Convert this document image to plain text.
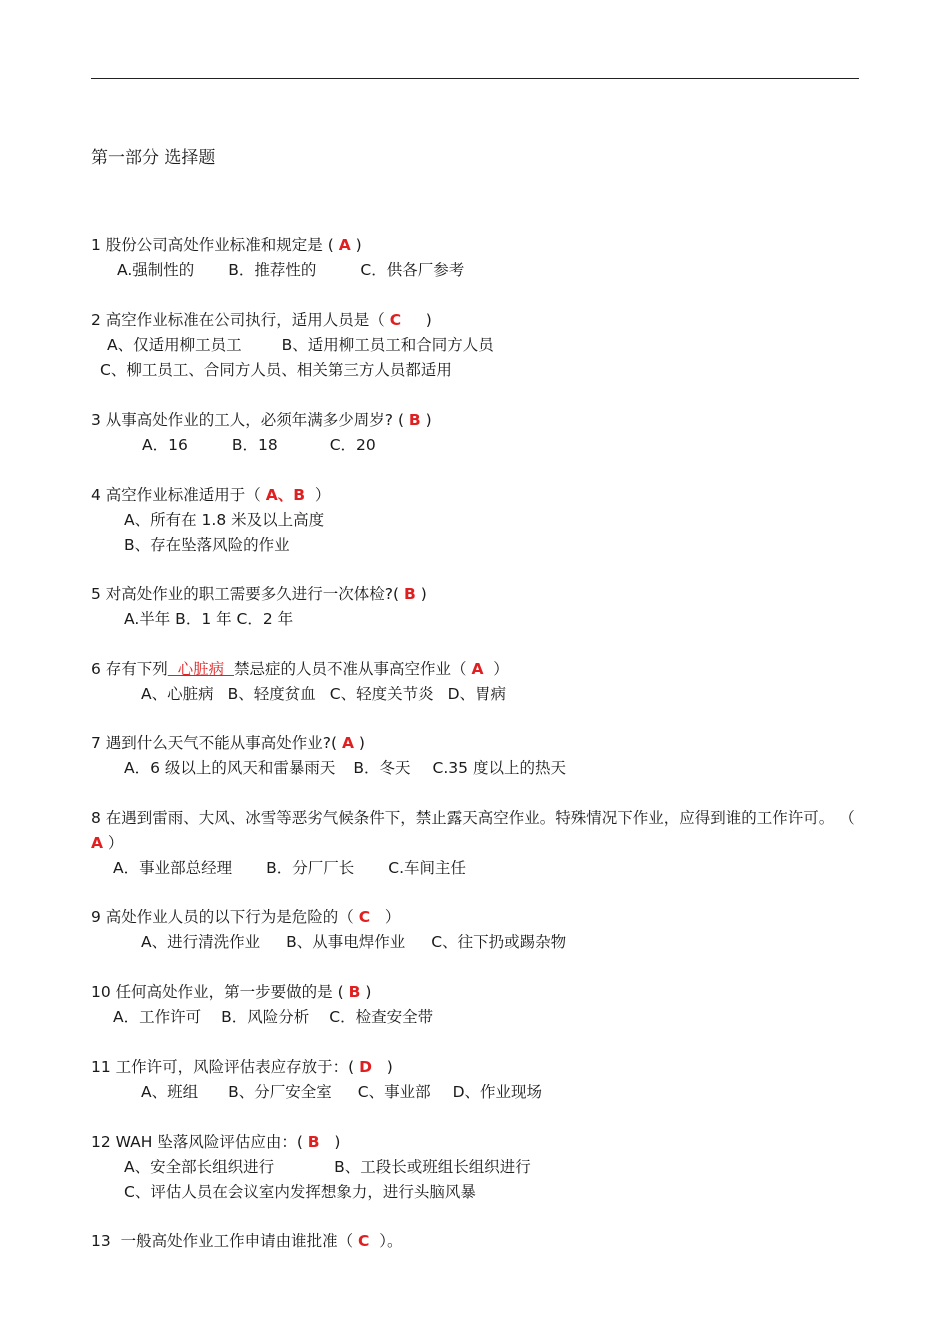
第一部分 选择题
1 股份公司高处作业标准和规定是 ( A )
A.强制性的 B．推荐性的	C．供各厂参考
2 高空作业标准在公司执行，适用人员是（ C     )
A、仅适用柳工员工	B、适用柳工员工和合同方人员
C、柳工员工、合同方人员、相关第三方人员都适用
3 从事高处作业的工人，必须年满多少周岁? ( B )
A．16	B．18	C．20
4 高空作业标准适用于（ A、B  ）
A、所有在 1.8 米及以上高度
B、存在坠落风险的作业
5 对高处作业的职工需要多久进行一次体检?( B )
A.半年 B．1 年 C．2 年
6 存有下列  心脏病  禁忌症的人员不准从事高空作业（ A  ）
A、心脏病 B、轻度贫血 C、轻度关节炎 D、胃病
7 遇到什么天气不能从事高处作业?( A )
A．6 级以上的风天和雷暴雨天 B．冬天 C.35 度以上的热天
8 在遇到雷雨、大风、冰雪等恶劣气候条件下，禁止露天高空作业。特殊情况下作业，应得到谁的工作许可。 （ A ）
A．事业部总经理 B．分厂厂长 C.车间主任
9 高处作业人员的以下行为是危险的（ C   ）
A、进行清洗作业 B、从事电焊作业 C、往下扔或踢杂物
10 任何高处作业，第一步要做的是 ( B )
A．工作许可 B．风险分析 C．检查安全带
11 工作许可，风险评估表应存放于：( D   )
A、班组 B、分厂安全室 C、事业部 D、作业现场
12 WAH 坠落风险评估应由：( B   )
A、安全部长组织进行	B、工段长或班组长组织进行
C、评估人员在会议室内发挥想象力，进行头脑风暴
13  一般高处作业工作申请由谁批准（ C  ）。
